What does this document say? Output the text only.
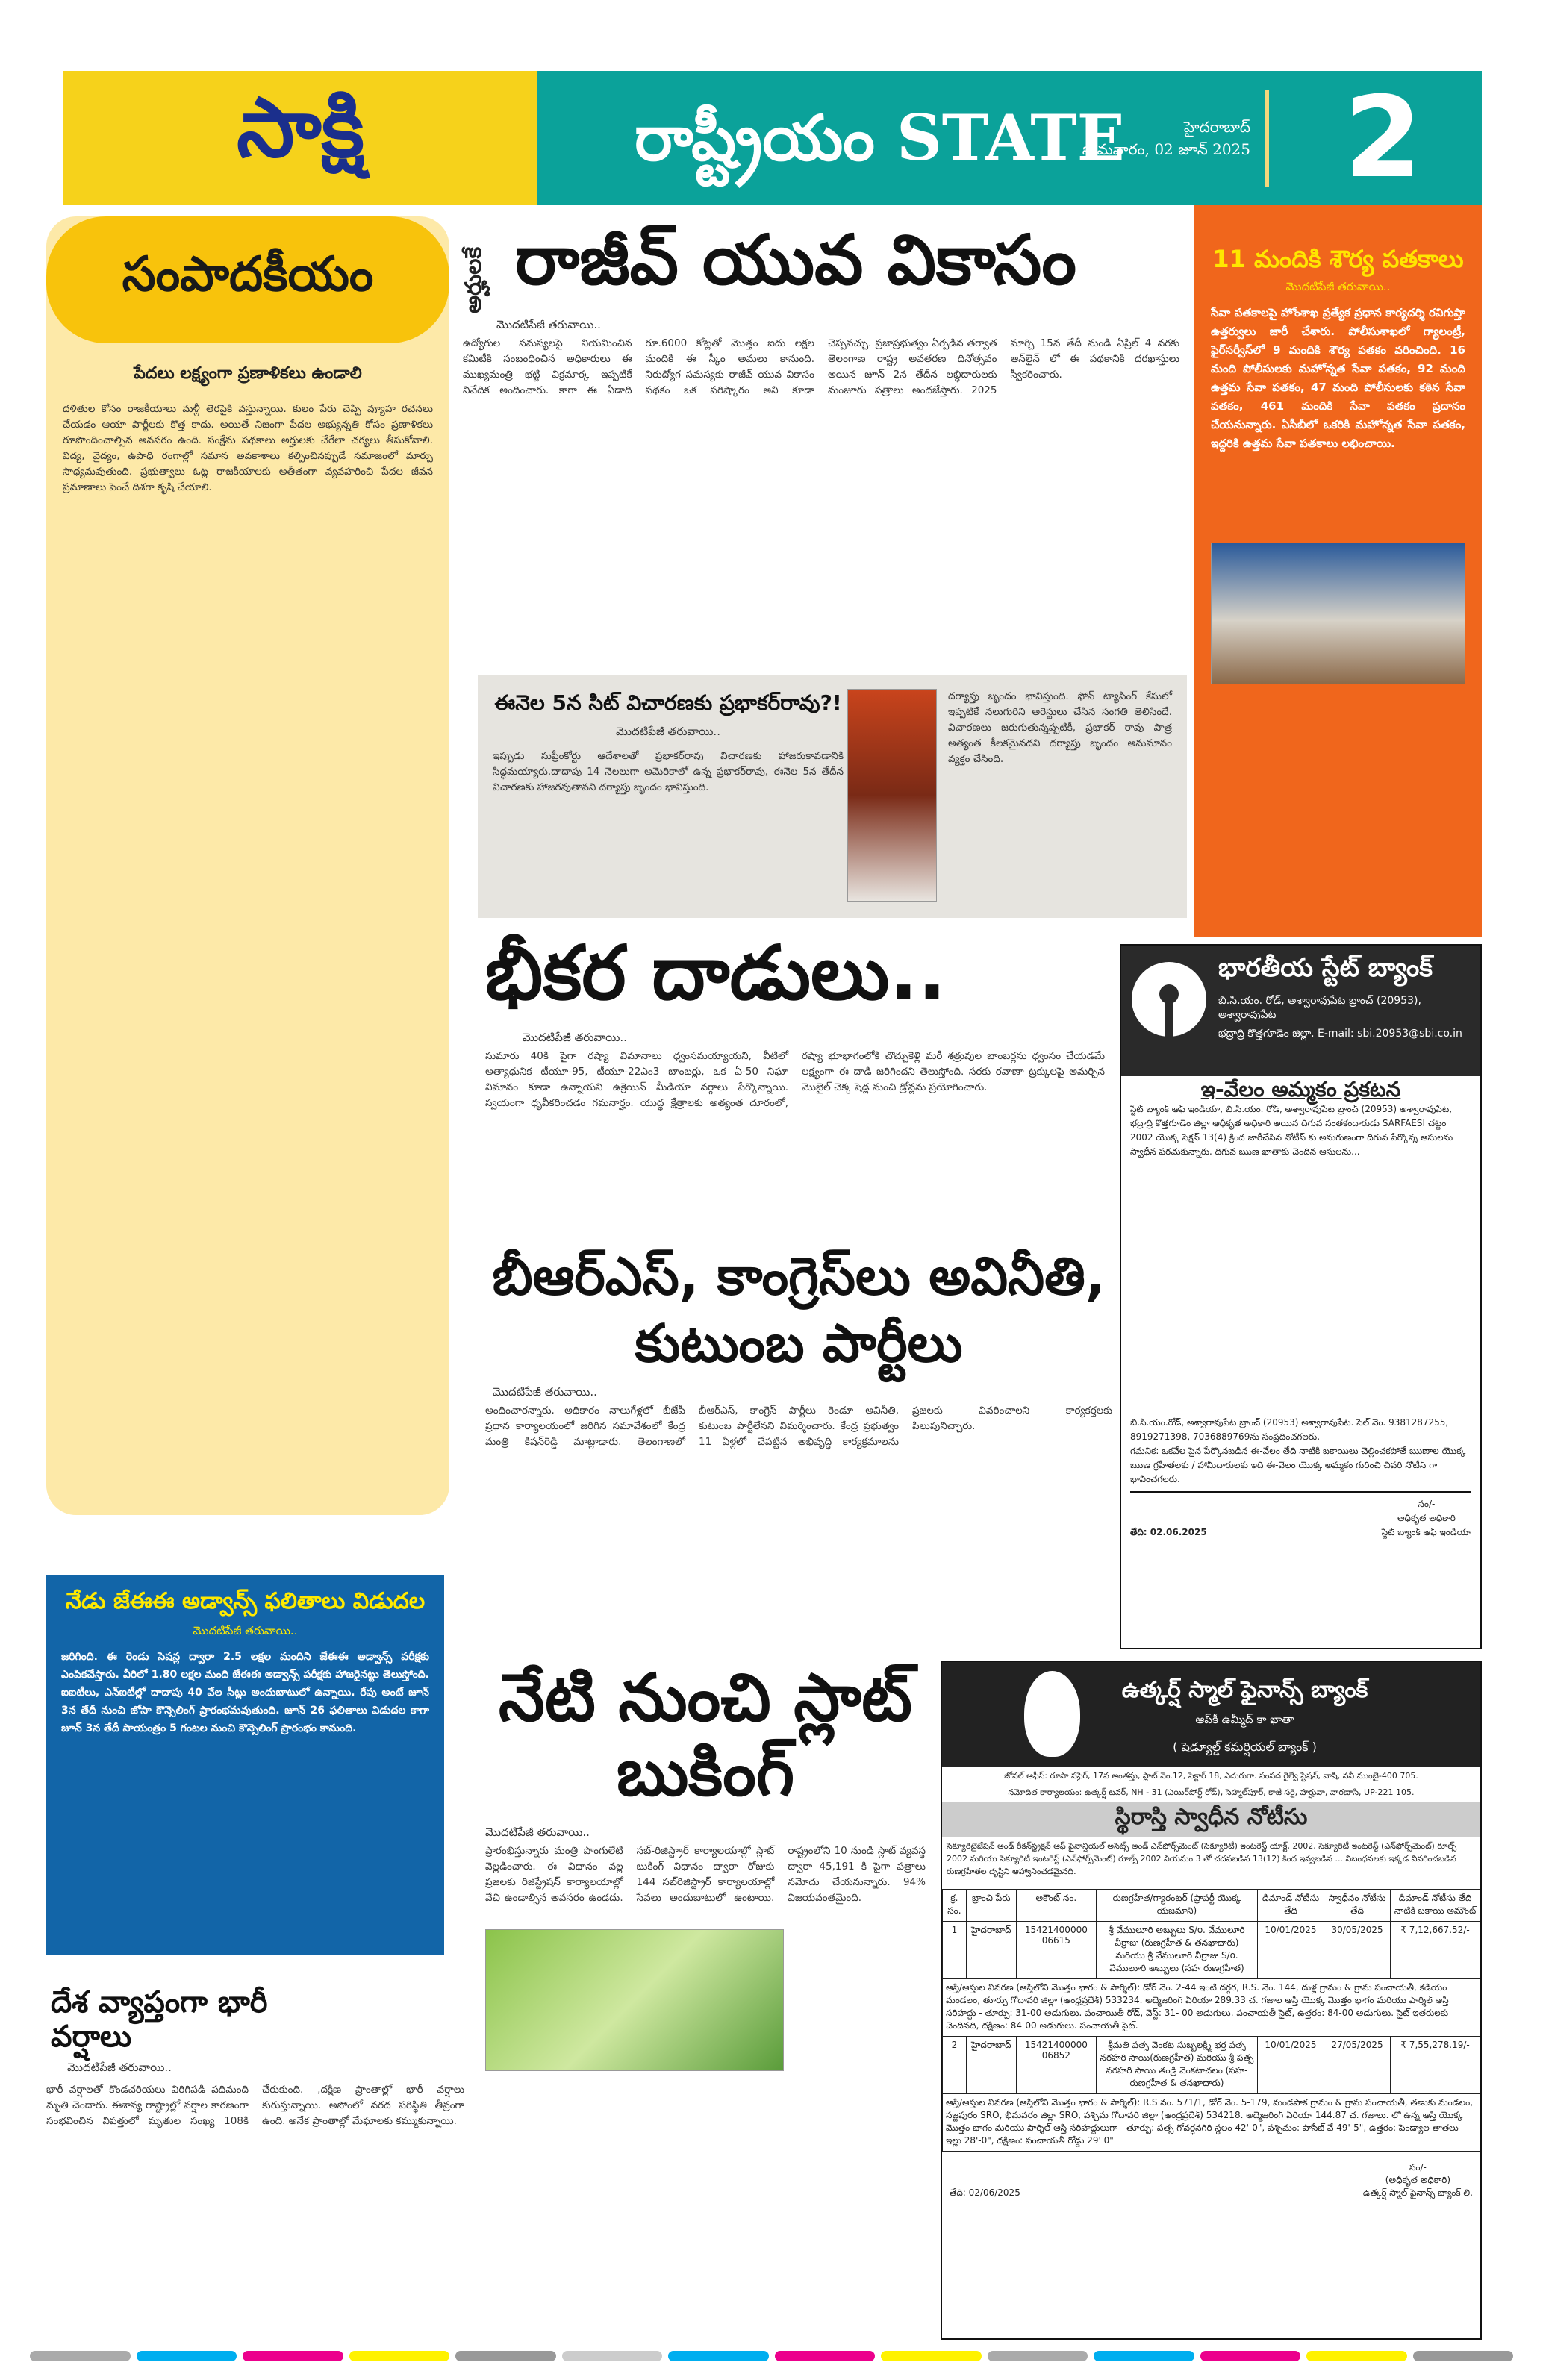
సాక్షి	రాష్ట్రీయం STATE	హైదరాబాద్
సోమవారం, 02 జూన్ 2025 2
సంపాదకీయం
పేదలు లక్ష్యంగా ప్రణాళికలు ఉండాలి
దళితుల కోసం రాజకీయాలు మళ్లీ తెరపైకి వస్తున్నాయి. కులం పేరు చెప్పి వ్యూహ రచనలు చేయడం ఆయా పార్టీలకు కొత్త కాదు. అయితే నిజంగా పేదల అభ్యున్నతి కోసం ప్రణాళికలు రూపొందించాల్సిన అవసరం ఉంది. సంక్షేమ పథకాలు అర్హులకు చేరేలా చర్యలు తీసుకోవాలి. విద్య, వైద్యం, ఉపాధి రంగాల్లో సమాన అవకాశాలు కల్పించినప్పుడే సమాజంలో మార్పు సాధ్యమవుతుంది. ప్రభుత్వాలు ఓట్ల రాజకీయాలకు అతీతంగా వ్యవహరించి పేదల జీవన ప్రమాణాలు పెంచే దిశగా కృషి చేయాలి.
అర్హులకే రాజీవ్ యువ వికాసం
మొదటిపేజీ తరువాయి..
ఉద్యోగుల సమస్యలపై నియమించిన కమిటీకి సంబంధించిన అధికారులు ఈ ముఖ్యమంత్రి భట్టి విక్రమార్క ఇప్పటికే నివేదిక అందించారు. కాగా ఈ ఏడాది రూ.6000 కోట్లతో మొత్తం ఐదు లక్షల మందికి ఈ స్కీం అమలు కానుంది. నిరుద్యోగ సమస్యకు రాజీవ్ యువ వికాసం పథకం ఒక పరిష్కారం అని కూడా చెప్పవచ్చు. ప్రజాప్రభుత్వం ఏర్పడిన తర్వాత తెలంగాణ రాష్ట్ర అవతరణ దినోత్సవం అయిన జూన్ 2న తేదీన లబ్ధిదారులకు మంజూరు పత్రాలు అందజేస్తారు. 2025 మార్చి 15న తేదీ నుండి ఏప్రిల్ 4 వరకు ఆన్‌లైన్ లో ఈ పథకానికి దరఖాస్తులు స్వీకరించారు.
ఈనెల 5న సిట్ విచారణకు ప్రభాకర్‌రావు?!
మొదటిపేజీ తరువాయి..
ఇప్పుడు సుప్రీంకోర్టు ఆదేశాలతో ప్రభాకర్‌రావు విచారణకు హాజరుకావడానికి సిద్ధమయ్యారు.దాదాపు 14 నెలలుగా అమెరికాలో ఉన్న ప్రభాకర్‌రావు, ఈనెల 5న తేదీన విచారణకు హాజరవుతావని దర్యాప్తు బృందం భావిస్తుంది.
దర్యాప్తు బృందం భావిస్తుంది. ఫోన్ ట్యాపింగ్ కేసులో ఇప్పటికే నలుగురిని అరెస్టులు చేసిన సంగతి తెలిసిందే. విచారణలు జరుగుతున్నప్పటికీ, ప్రభాకర్ రావు పాత్ర అత్యంత కీలకమైనదని దర్యాప్తు బృందం అనుమానం వ్యక్తం చేసింది.
11 మందికి శౌర్య పతకాలు
మొదటిపేజీ తరువాయి..
సేవా పతకాలపై హోంశాఖ ప్రత్యేక ప్రధాన కార్యదర్శి రవిగుప్తా ఉత్తర్వులు జారీ చేశారు. పోలీసుశాఖలో గ్యాలంట్రీ, ఫైర్‌సర్వీస్‌లో 9 మందికి శౌర్య పతకం వరించింది. 16 మంది పోలీసులకు మహోన్నత సేవా పతకం, 92 మంది ఉత్తమ సేవా పతకం, 47 మంది పోలీసులకు కఠిన సేవా పతకం, 461 మందికి సేవా పతకం ప్రదానం చేయనున్నారు. ఏసీబీలో ఒకరికి మహోన్నత సేవా పతకం, ఇద్దరికి ఉత్తమ సేవా పతకాలు లభించాయి.
భీకర దాడులు..
మొదటిపేజీ తరువాయి..
సుమారు 40కి పైగా రష్యా విమానాలు ధ్వంసమయ్యాయని, వీటిలో అత్యాధునిక టీయూ-95, టీయూ-22ఎం3 బాంబర్లు, ఒక ఏ-50 నిఘా విమానం కూడా ఉన్నాయని ఉక్రెయిన్ మీడియా వర్గాలు పేర్కొన్నాయి. స్వయంగా ధృవీకరించడం గమనార్హం. యుద్ధ క్షేత్రాలకు అత్యంత దూరంలో, రష్యా భూభాగంలోకి చొచ్చుకెళ్లి మరీ శత్రువుల బాంబర్లను ధ్వంసం చేయడమే లక్ష్యంగా ఈ దాడి జరిగిందని తెలుస్తోంది. సరకు రవాణా ట్రక్కులపై అమర్చిన మొబైల్ చెక్క షెడ్ల నుంచి డ్రోన్లను ప్రయోగించారు.
బీఆర్ఎస్, కాంగ్రెస్‌లు అవినీతి, కుటుంబ పార్టీలు
మొదటిపేజీ తరువాయి..
అందించారన్నారు. అధికారం నాలుగేళ్లలో బీజేపీ ప్రధాన కార్యాలయంలో జరిగిన సమావేశంలో కేంద్ర మంత్రి కిషన్‌రెడ్డి మాట్లాడారు. తెలంగాణలో బీఆర్ఎస్, కాంగ్రెస్ పార్టీలు రెండూ అవినీతి, కుటుంబ పార్టీలేనని విమర్శించారు. కేంద్ర ప్రభుత్వం 11 ఏళ్లలో చేపట్టిన అభివృద్ధి కార్యక్రమాలను ప్రజలకు వివరించాలని కార్యకర్తలకు పిలుపునిచ్చారు.
భారతీయ స్టేట్ బ్యాంక్
బి.సి.యం. రోడ్, అశ్వారావుపేట బ్రాంచ్ (20953), అశ్వారావుపేట
భద్రాద్రి కొత్తగూడెం జిల్లా. E-mail: sbi.20953@sbi.co.in
ఇ-వేలం అమ్మకం ప్రకటన
స్టేట్ బ్యాంక్ ఆఫ్ ఇండియా, బి.సి.యం. రోడ్, అశ్వారావుపేట బ్రాంచ్ (20953) అశ్వారావుపేట, భద్రాద్రి కొత్తగూడెం జిల్లా ఆధీకృత అధికారి అయిన దిగువ సంతకందారుడు SARFAESI చట్టం 2002 యొక్క సెక్షన్ 13(4) క్రింద జారీచేసిన నోటీస్ కు అనుగుణంగా దిగువ పేర్కొన్న ఆసులను స్వాధీన పరచుకున్నారు. దిగువ ఋణ ఖాతాకు చెందిన ఆసులను...
బి.సి.యం.రోడ్, అశ్వారావుపేట బ్రాంచ్ (20953) అశ్వారావుపేట. సెల్ నెం. 9381287255, 8919271398, 7036889769ను సంప్రదించగలరు.
గమనిక: ఒకవేల పైన పేర్కొనబడిన ఈ-వేలం తేది నాటికి బకాయిలు చెల్లించకపోతే ఋణాల యొక్క ఋణ గ్రహీతలకు / హామీదారులకు ఇది ఈ-వేలం యొక్క అమ్మకం గురించి చివరి నోటీస్ గా భావించగలరు.
తేది: 02.06.2025
సం/-
అధీకృత అధికారి
స్టేట్ బ్యాంక్ ఆఫ్ ఇండియా
నేడు జేఈఈ అడ్వాన్స్ ఫలితాలు విడుదల
మొదటిపేజీ తరువాయి..
జరిగింది. ఈ రెండు సెషన్ల ద్వారా 2.5 లక్షల మందిని జేఈఈ అడ్వాన్స్ పరీక్షకు ఎంపికచేస్తారు. వీరిలో 1.80 లక్షల మంది జేఈఈ అడ్వాన్స్ పరీక్షకు హాజరైనట్టు తెలుస్తోంది. ఐఐటీలు, ఎన్ఐటీల్లో దాదాపు 40 వేల సీట్లు అందుబాటులో ఉన్నాయి. రేపు అంటే జూన్ 3న తేదీ నుంచి జోసా కౌన్సెలింగ్ ప్రారంభమవుతుంది. జూన్ 26 ఫలితాలు విడుదల కాగా జూన్ 3న తేదీ సాయంత్రం 5 గంటల నుంచి కౌన్సెలింగ్ ప్రారంభం కానుంది.
దేశ వ్యాప్తంగా భారీ వర్షాలు
మొదటిపేజీ తరువాయి..
భారీ వర్షాలతో కొండచరియలు విరిగిపడి పదిమంది మృతి చెందారు. ఈశాన్య రాష్ట్రాల్లో వర్షాల కారణంగా సంభవించిన విపత్తులో మృతుల సంఖ్య 108కి చేరుకుంది. ,దక్షిణ ప్రాంతాల్లో భారీ వర్షాలు కురుస్తున్నాయి. అసోంలో వరద పరిస్థితి తీవ్రంగా ఉంది. అనేక ప్రాంతాల్లో మేఘాలకు కమ్ముకున్నాయి.
నేటి నుంచి స్లాట్ బుకింగ్
మొదటిపేజీ తరువాయి..
ప్రారంభిస్తున్నారు మంత్రి పొంగులేటి వెల్లడించారు. ఈ విధానం వల్ల ప్రజలకు రిజిస్ట్రేషన్ కార్యాలయాల్లో వేచి ఉండాల్సిన అవసరం ఉండదు. సబ్-రిజిస్ట్రార్ కార్యాలయాల్లో స్లాట్ బుకింగ్ విధానం ద్వారా రోజుకు 144 సబ్‌రిజిస్ట్రార్ కార్యాలయాల్లో సేవలు అందుబాటులో ఉంటాయి. రాష్ట్రంలోని 10 నుండి స్లాట్ వ్యవస్థ ద్వారా 45,191 కి పైగా పత్రాలు నమోదు చేయనున్నారు. 94% విజయవంతమైంది.
ఉత్కర్ష్ స్మాల్ ఫైనాన్స్ బ్యాంక్
ఆప్‌కీ ఉమ్మీద్ కా ఖాతా
( షెడ్యూల్డ్ కమర్షియల్ బ్యాంక్ )
జోనల్ ఆఫీస్: రూపా సఫైర్, 17వ అంతస్తు, ప్లాట్ నెం.12, సెక్టార్ 18, ఎదురుగా. సంపద రైల్వే స్టేషన్, వాషి, నవీ ముంబై-400 705.
నమోదిత కార్యాలయం: ఉత్కర్ష్ టవర్, NH - 31 (ఎయిర్‌పోర్ట్ రోడ్), సెహ్మల్‌పూర్, కాజీ సరై, హర్హువా, వారణాసి, UP-221 105.
స్థిరాస్తి స్వాధీన నోటీసు
సెక్యూరిటైజేషన్ అండ్ రీకన్‌స్ట్రక్షన్ ఆఫ్ ఫైనాన్షియల్ అసెట్స్ అండ్ ఎన్‌ఫోర్స్‌మెంట్ (సెక్యూరిటీ) ఇంటరెస్ట్ యాక్ట్, 2002, సెక్యూరిటీ ఇంటరెస్ట్ (ఎన్‌ఫోర్స్‌మెంట్) రూల్స్ 2002 మరియు సెక్యూరిటీ ఇంటరెస్ట్ (ఎన్‌ఫోర్స్‌మెంట్) రూల్స్ 2002 నియమం 3 తో చదవబడిన 13(12) కింద ఇవ్వబడిన ... నిబంధనలకు ఇక్కడ వివరించబడిన రుణగ్రహీతల దృష్టిని ఆహ్వానించడమైనది.
క్ర. సం.	బ్రాంచి పేరు	అకౌంట్ నం.	రుణగ్రహీత/గ్యారంటర్ (ప్రాపర్టీ యొక్క యజమాని)	డిమాండ్ నోటీసు తేది	స్వాధీనం నోటీసు తేది	డిమాండ్ నోటీసు తేది నాటికి బకాయి అమౌంట్
1	హైదరాబాద్	15421400000 06615	శ్రీ వేములూరి అబ్బులు S/o. వేములూరి వీర్రాజు (రుణగ్రహీత & తనఖాదారు) మరియు శ్రీ వేములూరి వీర్రాజు S/o. వేములూరి అబ్బులు (సహ రుణగ్రహీత)	10/01/2025	30/05/2025	₹ 7,12,667.52/-
ఆస్తి/ఆస్తుల వివరణ (ఆస్తిలోని మొత్తం భాగం & పార్శిల్): డోర్ నెం. 2-44 ఇంటి దగ్గర, R.S. నెం. 144, దుళ్ల గ్రామం & గ్రామ పంచాయతీ, కడియం మండలం, తూర్పు గోదావరి జిల్లా (ఆంధ్రప్రదేశ్) 533234. అద్మెజరింగ్ ఏరియా 289.33 చ. గజాల ఆస్తి యొక్క మొత్తం భాగం మరియు పార్శిల్ ఆస్తి సరిహద్దు - తూర్పు: 31-00 అడుగులు. పంచాయితీ రోడ్, వెస్ట్: 31- 00 అడుగులు. పంచాయతీ సైట్, ఉత్తరం: 84-00 అడుగులు. సైట్ ఇతరులకు చెందినది, దక్షిణం: 84-00 అడుగులు. పంచాయతీ సైట్.						
2	హైదరాబాద్	15421400000 06852	శ్రీమతి పత్స వెంకట సుబ్బలక్ష్మి భర్త పత్స నరహరి సాయి(రుణగ్రహీత) మరియు శ్రీ పత్స నరహరి సాయి తండ్రి వెంకటాచలం (సహ-రుణగ్రహీత & తనఖాదారు)	10/01/2025	27/05/2025	₹ 7,55,278.19/-
ఆస్తి/ఆస్తుల వివరణ (ఆస్తిలోని మొత్తం భాగం & పార్శిల్): R.S నం. 571/1, డోర్ నెం. 5-179, మండపాక గ్రామం & గ్రామ పంచాయతీ, తణుకు మండలం, సజ్జపురం SRO, భీమవరం జిల్లా SRO, పశ్చిమ గోదావరి జిల్లా (ఆంధ్రప్రదేశ్) 534218. అద్మెజరింగ్ ఏరియా 144.87 చ. గజాలు. లో ఉన్న ఆస్తి యొక్క మొత్తం భాగం మరియు పార్శిల్ ఆస్తి సరిహద్దులుగా - తూర్పు: పత్స గోవర్ధనగిరి స్థలం 42'-0", పశ్చిమం: పాసేజ్ వే 49'-5", ఉత్తరం: పెండ్యాల తాతలు ఇల్లు 28'-0", దక్షిణం: పంచాయతీ రోడ్డు 29' 0"						
తేది: 02/06/2025
సం/-
(అధీకృత అధికారి)
ఉత్కర్ష్ స్మాల్ ఫైనాన్స్ బ్యాంక్ లి.
